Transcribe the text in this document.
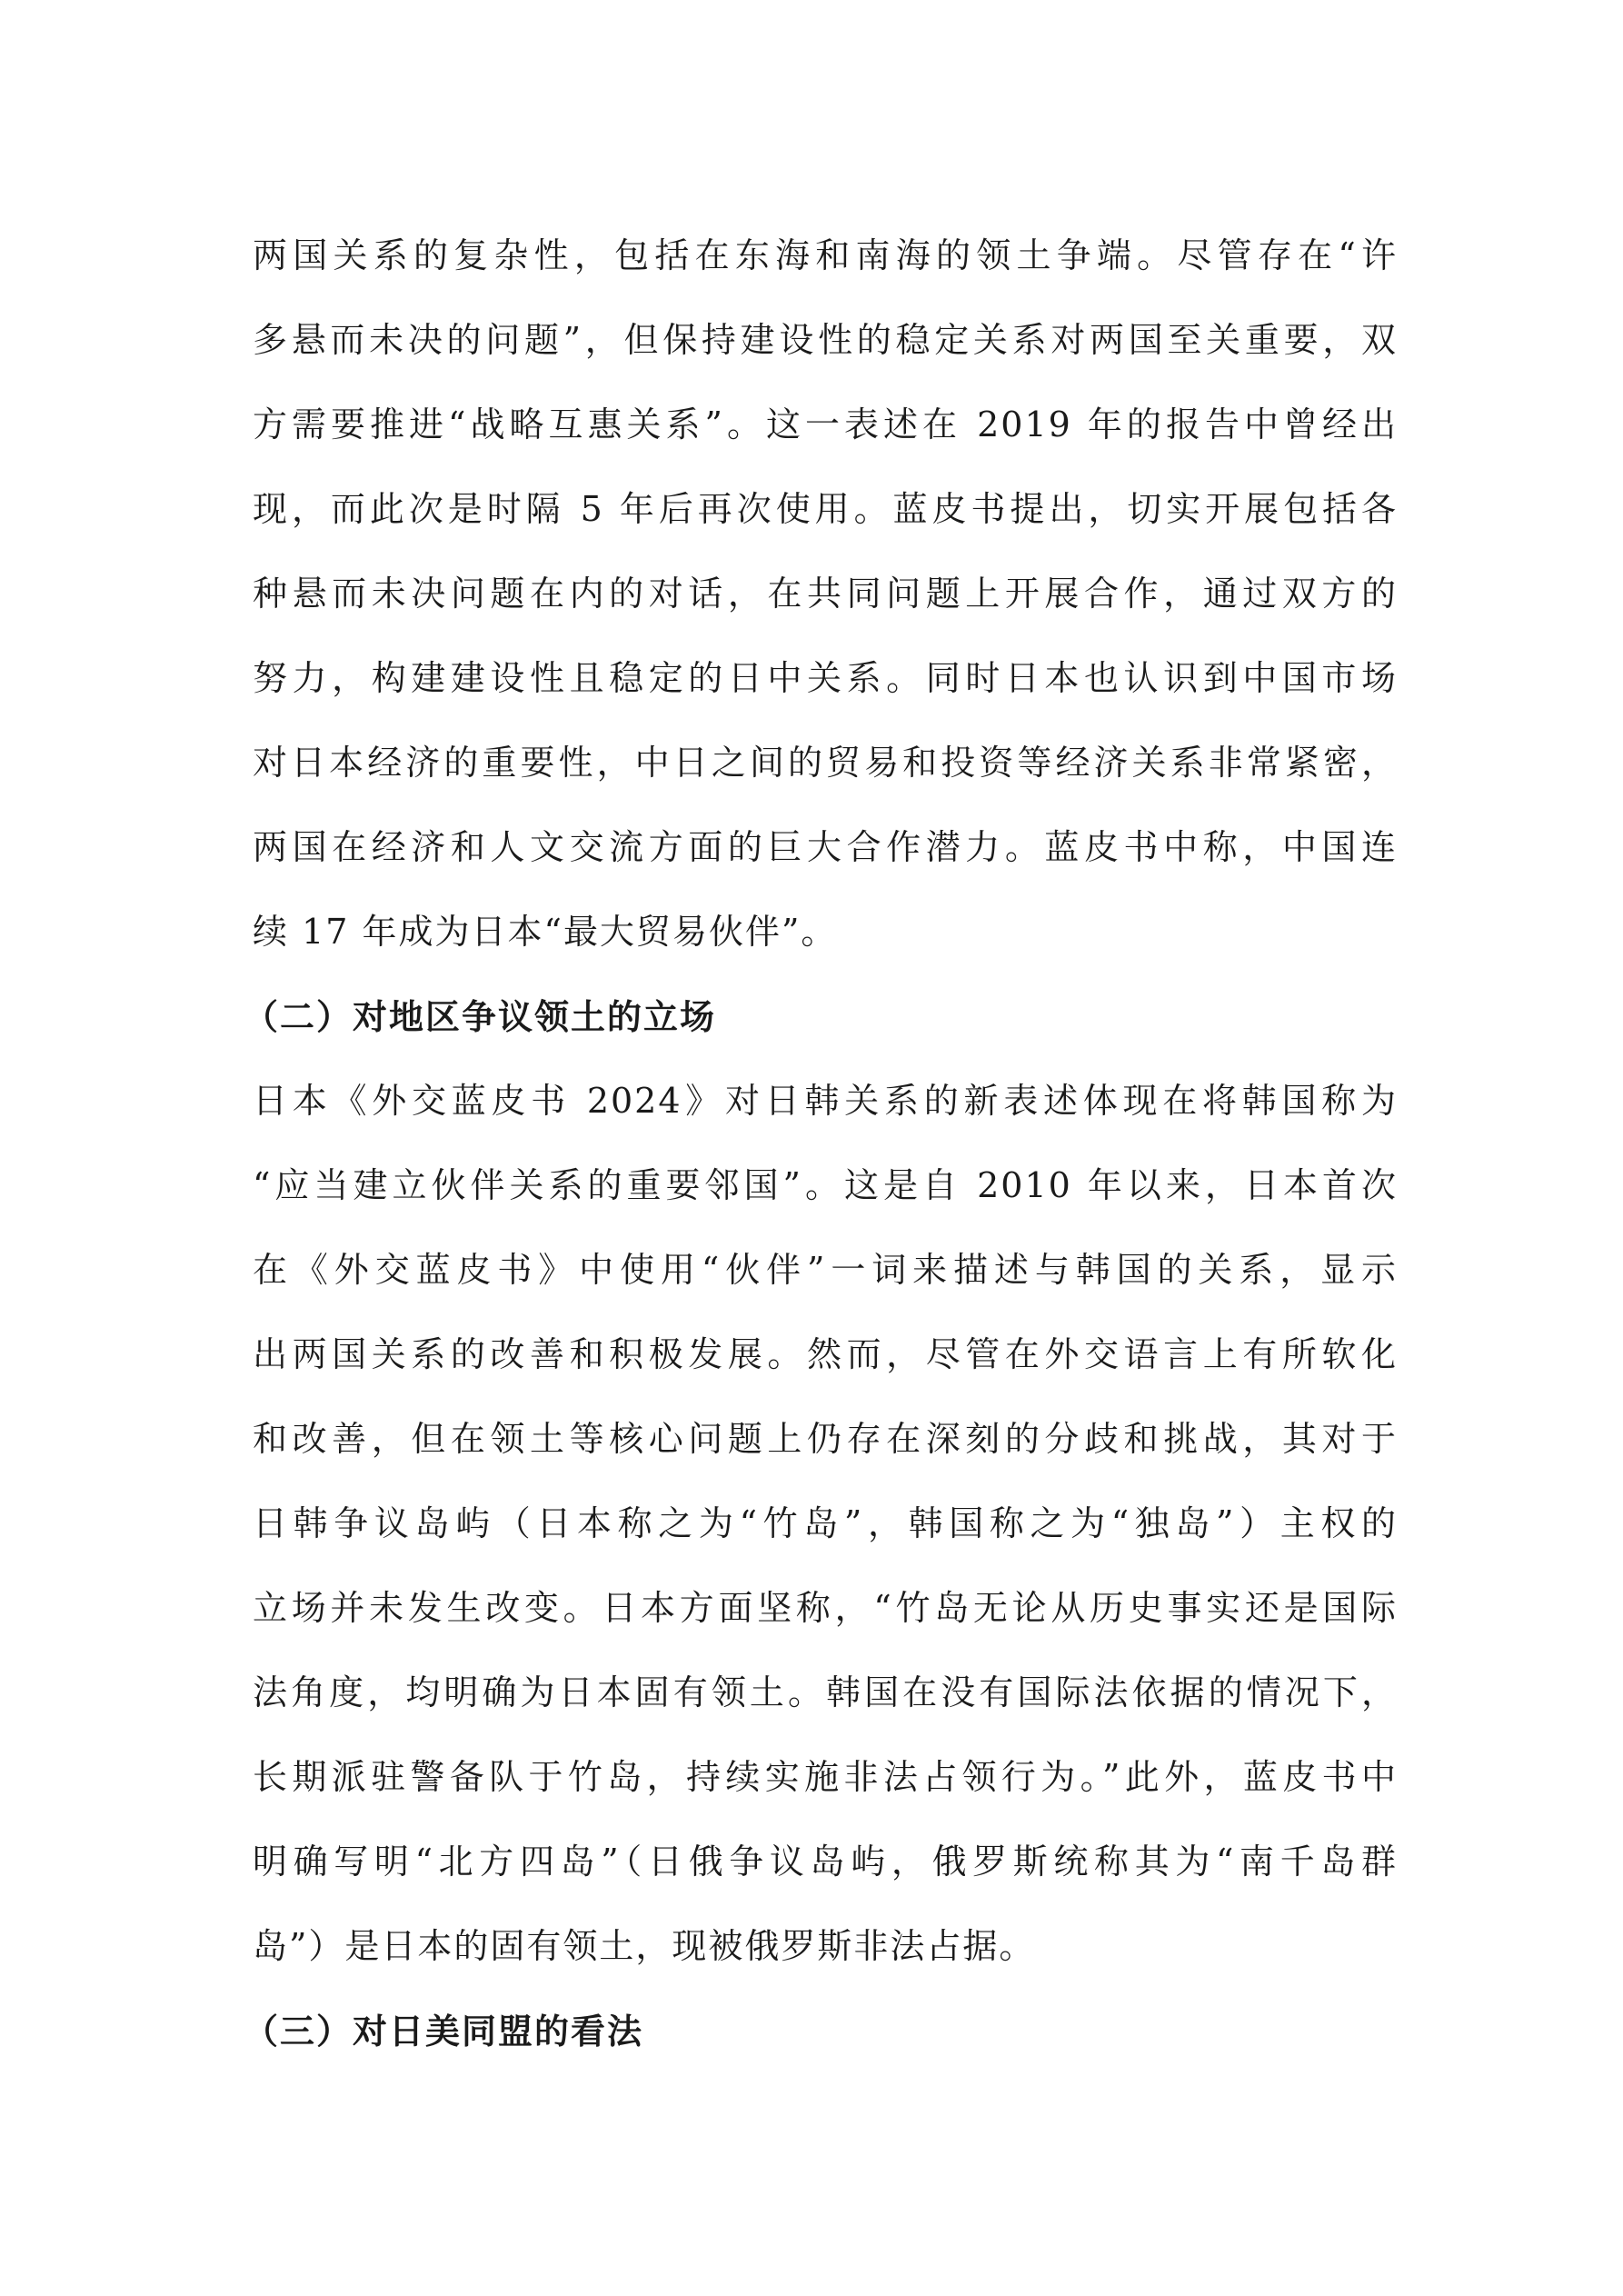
两国关系的复杂性，包括在东海和南海的领土争端。尽管存在“许
多悬而未决的问题”，但保持建设性的稳定关系对两国至关重要，双
方需要推进“战略互惠关系”。这一表述在 2019 年的报告中曾经出
现，而此次是时隔 5 年后再次使用。蓝皮书提出，切实开展包括各
种悬而未决问题在内的对话，在共同问题上开展合作，通过双方的
努力，构建建设性且稳定的日中关系。同时日本也认识到中国市场
对日本经济的重要性，中日之间的贸易和投资等经济关系非常紧密，
两国在经济和人文交流方面的巨大合作潜力。蓝皮书中称，中国连
续 17 年成为日本“最大贸易伙伴”。
（二）对地区争议领土的立场
日本《外交蓝皮书 2024》对日韩关系的新表述体现在将韩国称为
“应当建立伙伴关系的重要邻国”。这是自 2010 年以来，日本首次
在《外交蓝皮书》中使用“伙伴”一词来描述与韩国的关系，显示
出两国关系的改善和积极发展。然而，尽管在外交语言上有所软化
和改善，但在领土等核心问题上仍存在深刻的分歧和挑战，其对于
日韩争议岛屿（日本称之为“竹岛”，韩国称之为“独岛”）主权的
立场并未发生改变。日本方面坚称，“竹岛无论从历史事实还是国际
法角度，均明确为日本固有领土。韩国在没有国际法依据的情况下，
长期派驻警备队于竹岛，持续实施非法占领行为。”此外，蓝皮书中
明确写明“北方四岛”（日俄争议岛屿，俄罗斯统称其为“南千岛群
岛”）是日本的固有领土，现被俄罗斯非法占据。
（三）对日美同盟的看法
